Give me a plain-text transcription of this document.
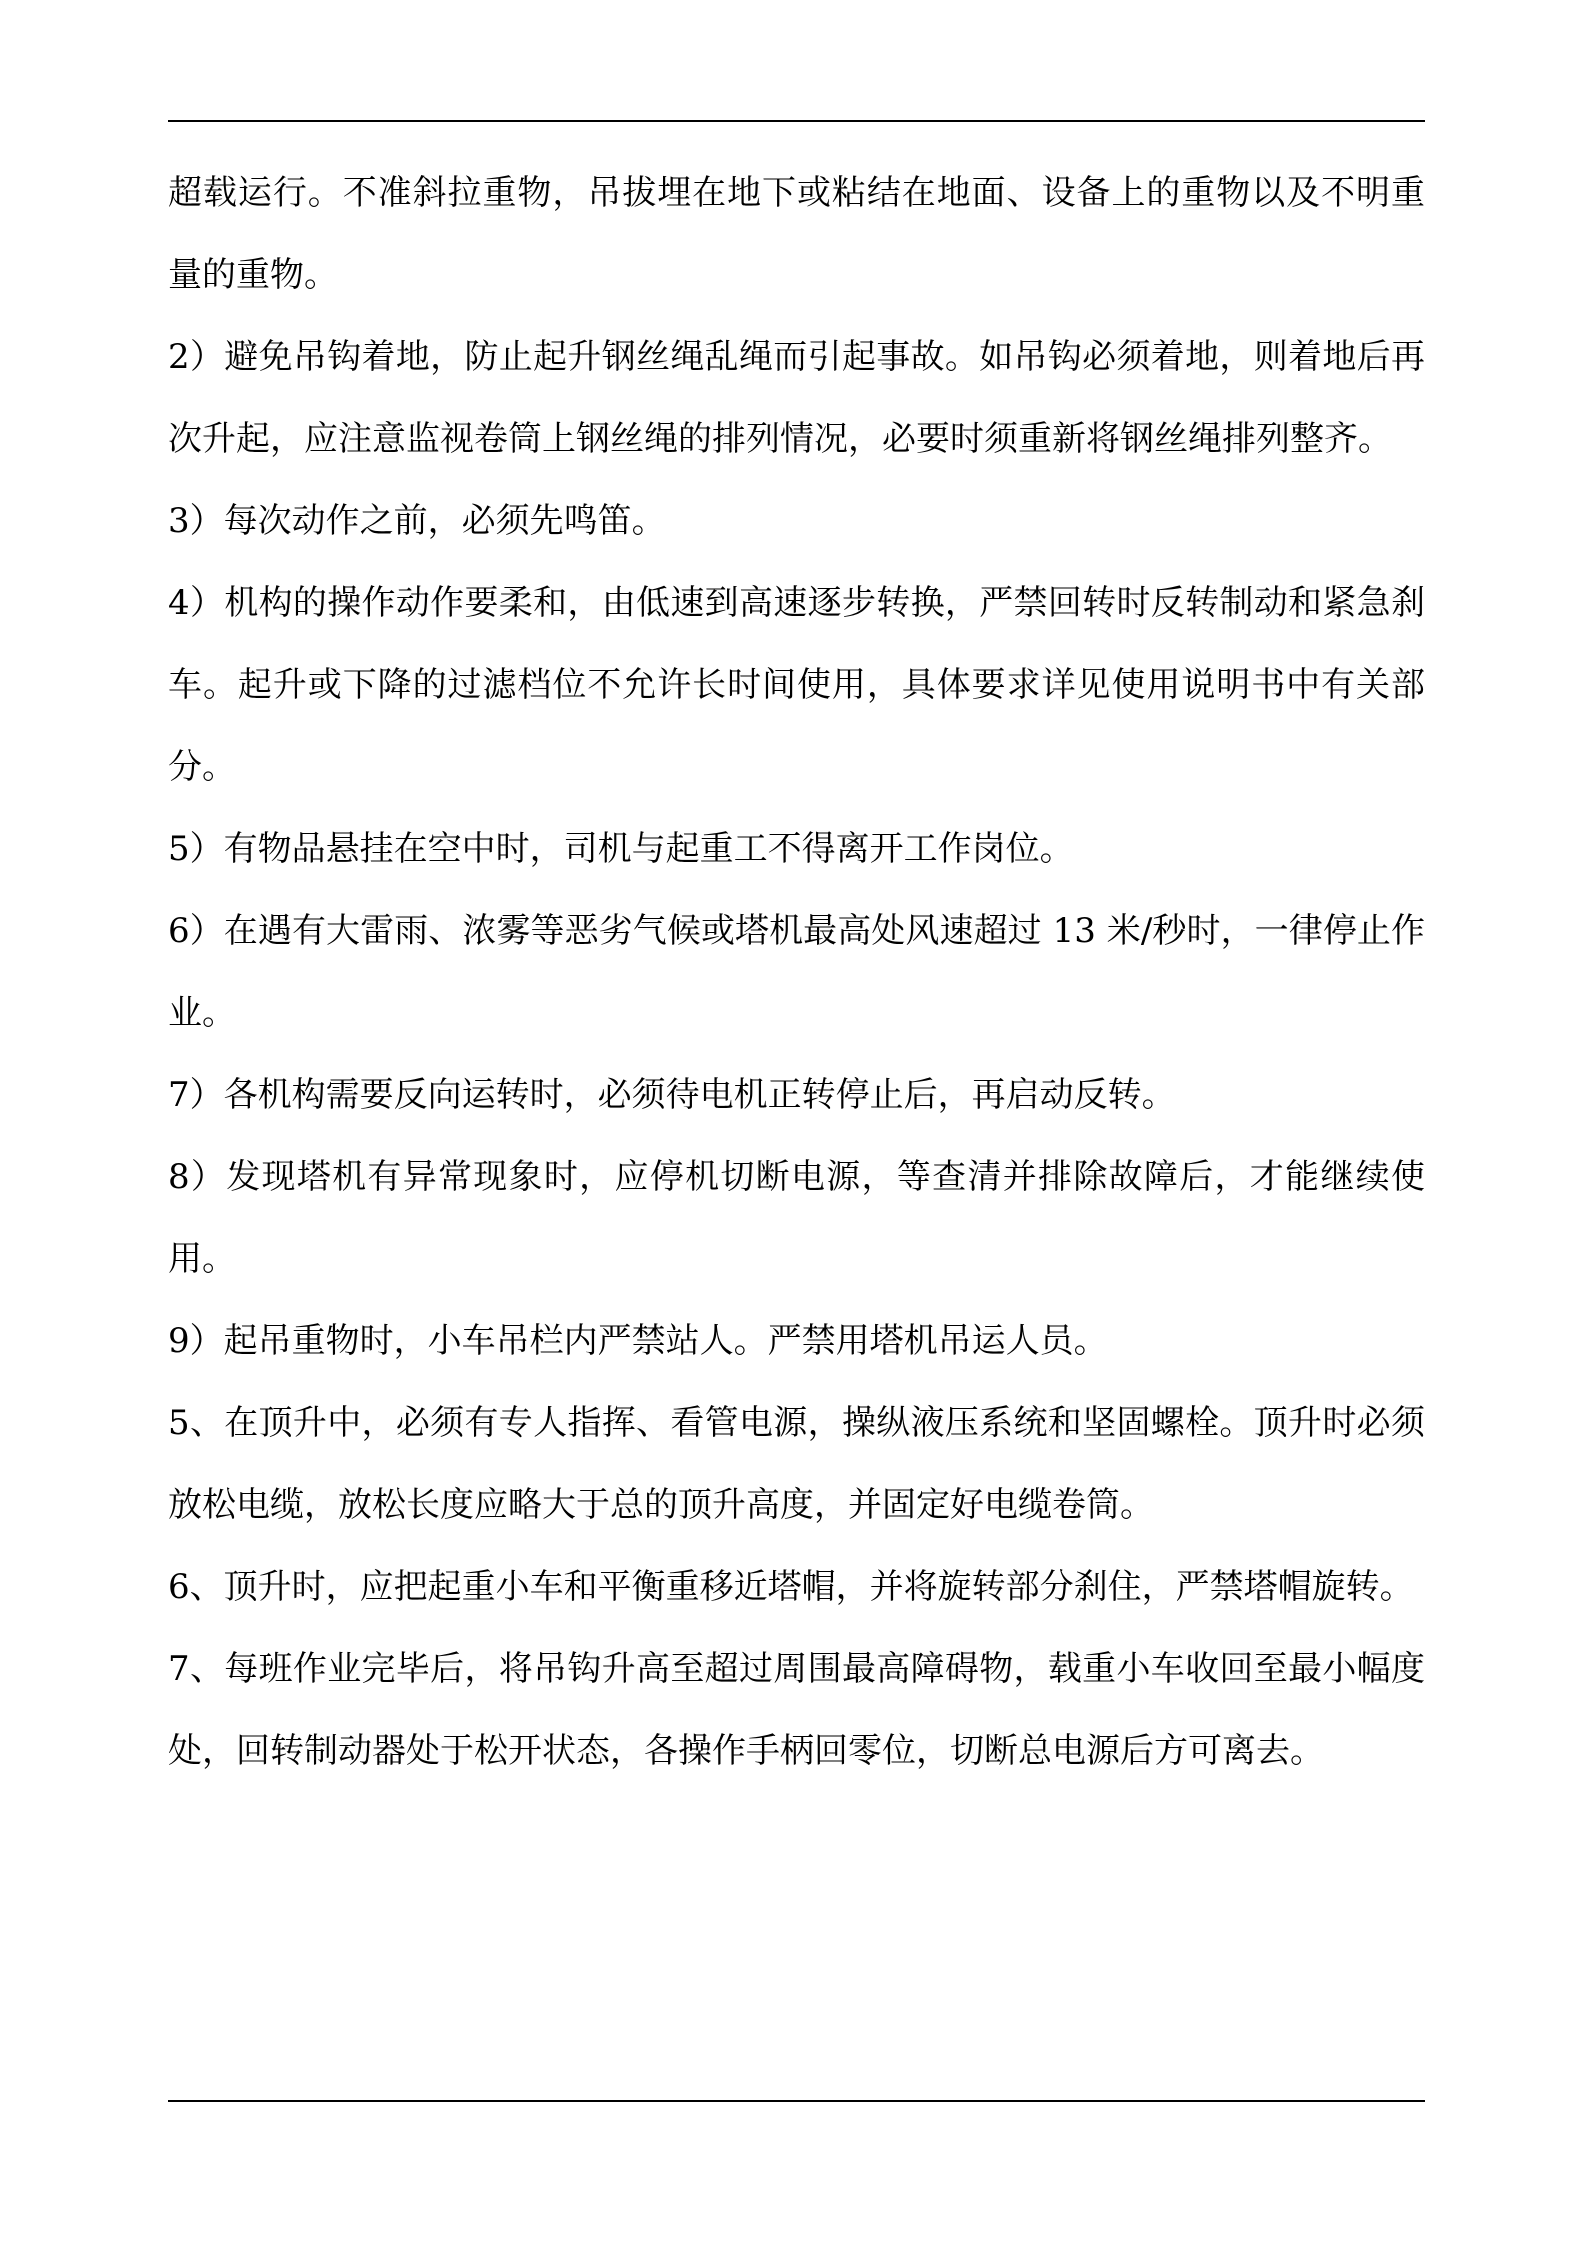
超载运行。不准斜拉重物，吊拔埋在地下或粘结在地面、设备上的重物以及不明重量的重物。

2）避免吊钩着地，防止起升钢丝绳乱绳而引起事故。如吊钩必须着地，则着地后再次升起，应注意监视卷筒上钢丝绳的排列情况，必要时须重新将钢丝绳排列整齐。

3）每次动作之前，必须先鸣笛。

4）机构的操作动作要柔和，由低速到高速逐步转换，严禁回转时反转制动和紧急刹车。起升或下降的过滤档位不允许长时间使用，具体要求详见使用说明书中有关部分。

5）有物品悬挂在空中时，司机与起重工不得离开工作岗位。

6）在遇有大雷雨、浓雾等恶劣气候或塔机最高处风速超过 13 米/秒时，一律停止作业。

7）各机构需要反向运转时，必须待电机正转停止后，再启动反转。

8）发现塔机有异常现象时，应停机切断电源，等查清并排除故障后，才能继续使用。

9）起吊重物时，小车吊栏内严禁站人。严禁用塔机吊运人员。

5、在顶升中，必须有专人指挥、看管电源，操纵液压系统和坚固螺栓。顶升时必须放松电缆，放松长度应略大于总的顶升高度，并固定好电缆卷筒。

6、顶升时，应把起重小车和平衡重移近塔帽，并将旋转部分刹住，严禁塔帽旋转。

7、每班作业完毕后，将吊钩升高至超过周围最高障碍物，载重小车收回至最小幅度处，回转制动器处于松开状态，各操作手柄回零位，切断总电源后方可离去。
